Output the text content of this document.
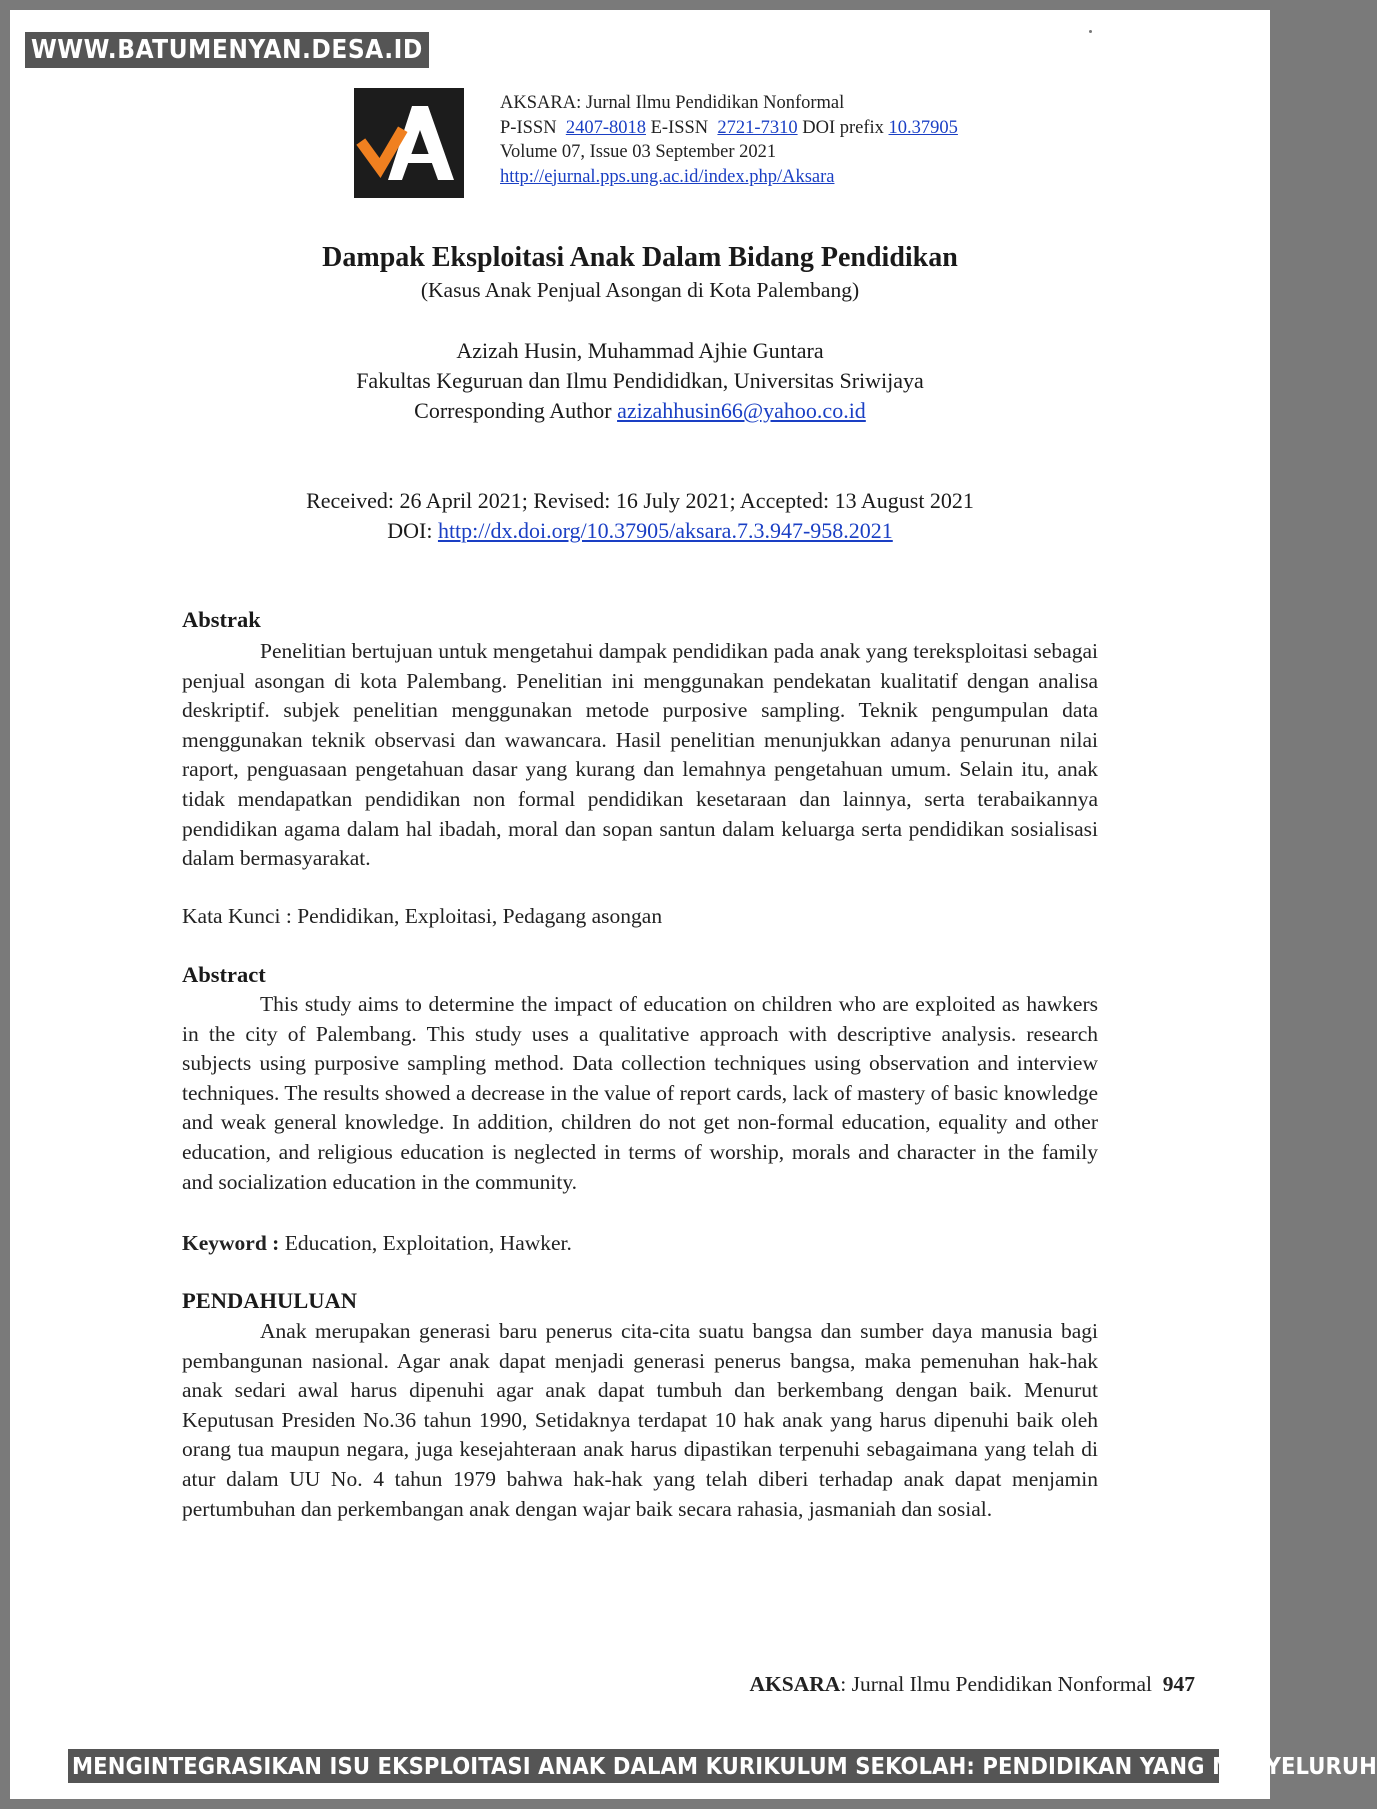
WWW.BATUMENYAN.DESA.ID
AKSARA: Jurnal Ilmu Pendidikan Nonformal
P-ISSN 2407-8018 E-ISSN 2721-7310 DOI prefix 10.37905
Volume 07, Issue 03 September 2021
http://ejurnal.pps.ung.ac.id/index.php/Aksara
Dampak Eksploitasi Anak Dalam Bidang Pendidikan
(Kasus Anak Penjual Asongan di Kota Palembang)
Azizah Husin, Muhammad Ajhie Guntara
Fakultas Keguruan dan Ilmu Pendididkan, Universitas Sriwijaya
Corresponding Author azizahhusin66@yahoo.co.id
Received: 26 April 2021; Revised: 16 July 2021; Accepted: 13 August 2021
DOI: http://dx.doi.org/10.37905/aksara.7.3.947-958.2021
Abstrak

Penelitian bertujuan untuk mengetahui dampak pendidikan pada anak yang tereksploitasi sebagai penjual asongan di kota Palembang. Penelitian ini menggunakan pendekatan kualitatif dengan analisa deskriptif. subjek penelitian menggunakan metode purposive sampling. Teknik pengumpulan data menggunakan teknik observasi dan wawancara. Hasil penelitian menunjukkan adanya penurunan nilai raport, penguasaan pengetahuan dasar yang kurang dan lemahnya pengetahuan umum. Selain itu, anak tidak mendapatkan pendidikan non formal pendidikan kesetaraan dan lainnya, serta terabaikannya pendidikan agama dalam hal ibadah, moral dan sopan santun dalam keluarga serta pendidikan sosialisasi dalam bermasyarakat.

Kata Kunci : Pendidikan, Exploitasi, Pedagang asongan
Abstract

This study aims to determine the impact of education on children who are exploited as hawkers in the city of Palembang. This study uses a qualitative approach with descriptive analysis. research subjects using purposive sampling method. Data collection techniques using observation and interview techniques. The results showed a decrease in the value of report cards, lack of mastery of basic knowledge and weak general knowledge. In addition, children do not get non-formal education, equality and other education, and religious education is neglected in terms of worship, morals and character in the family and socialization education in the community.

Keyword : Education, Exploitation, Hawker.
PENDAHULUAN

Anak merupakan generasi baru penerus cita-cita suatu bangsa dan sumber daya manusia bagi pembangunan nasional. Agar anak dapat menjadi generasi penerus bangsa, maka pemenuhan hak-hak anak sedari awal harus dipenuhi agar anak dapat tumbuh dan berkembang dengan baik. Menurut Keputusan Presiden No.36 tahun 1990, Setidaknya terdapat 10 hak anak yang harus dipenuhi baik oleh orang tua maupun negara, juga kesejahteraan anak harus dipastikan terpenuhi sebagaimana yang telah di atur dalam UU No. 4 tahun 1979 bahwa hak-hak yang telah diberi terhadap anak dapat menjamin pertumbuhan dan perkembangan anak dengan wajar baik secara rahasia, jasmaniah dan sosial.

AKSARA: Jurnal Ilmu Pendidikan Nonformal 947
MENGINTEGRASIKAN ISU EKSPLOITASI ANAK DALAM KURIKULUM SEKOLAH: PENDIDIKAN YANG MENYELURUH
